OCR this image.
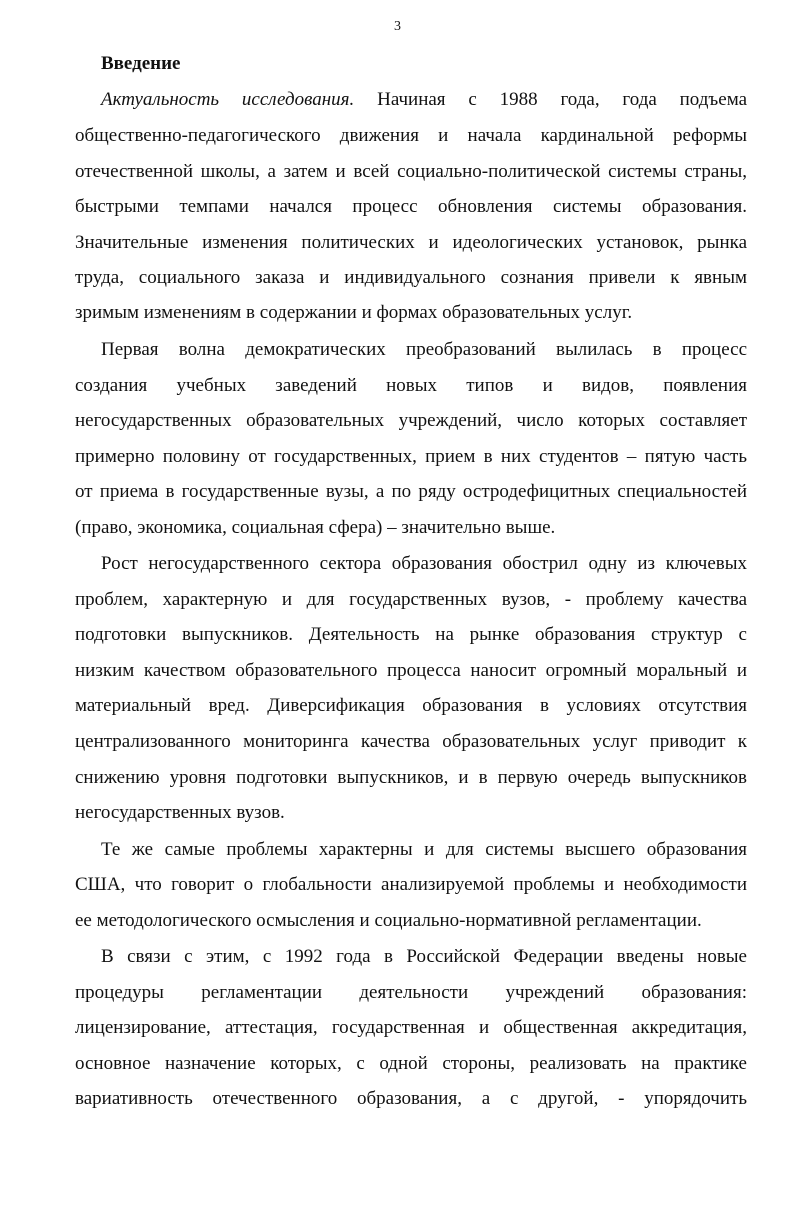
3
Введение
Актуальность исследования. Начиная с 1988 года, года подъема
общественно-педагогического движения и начала кардинальной реформы
отечественной школы, а затем и всей социально-политической системы страны,
быстрыми темпами начался процесс обновления системы образования.
Значительные изменения политических и идеологических установок, рынка
труда, социального заказа и индивидуального сознания привели к явным
зримым изменениям в содержании и формах образовательных услуг.
Первая волна демократических преобразований вылилась в процесс
создания учебных заведений новых типов и видов, появления
негосударственных образовательных учреждений, число которых составляет
примерно половину от государственных, прием в них студентов – пятую часть
от приема в государственные вузы, а по ряду остродефицитных специальностей
(право, экономика, социальная сфера) – значительно выше.
Рост негосударственного сектора образования обострил одну из ключевых
проблем, характерную и для государственных вузов, - проблему качества
подготовки выпускников. Деятельность на рынке образования структур с
низким качеством образовательного процесса наносит огромный моральный и
материальный вред. Диверсификация образования в условиях отсутствия
централизованного мониторинга качества образовательных услуг приводит к
снижению уровня подготовки выпускников, и в первую очередь выпускников
негосударственных вузов.
Те же самые проблемы характерны и для системы высшего образования
США, что говорит о глобальности анализируемой проблемы и необходимости
ее методологического осмысления и социально-нормативной регламентации.
В связи с этим, с 1992 года в Российской Федерации введены новые
процедуры регламентации деятельности учреждений образования:
лицензирование, аттестация, государственная и общественная аккредитация,
основное назначение которых, с одной стороны, реализовать на практике
вариативность отечественного образования, а с другой, - упорядочить
